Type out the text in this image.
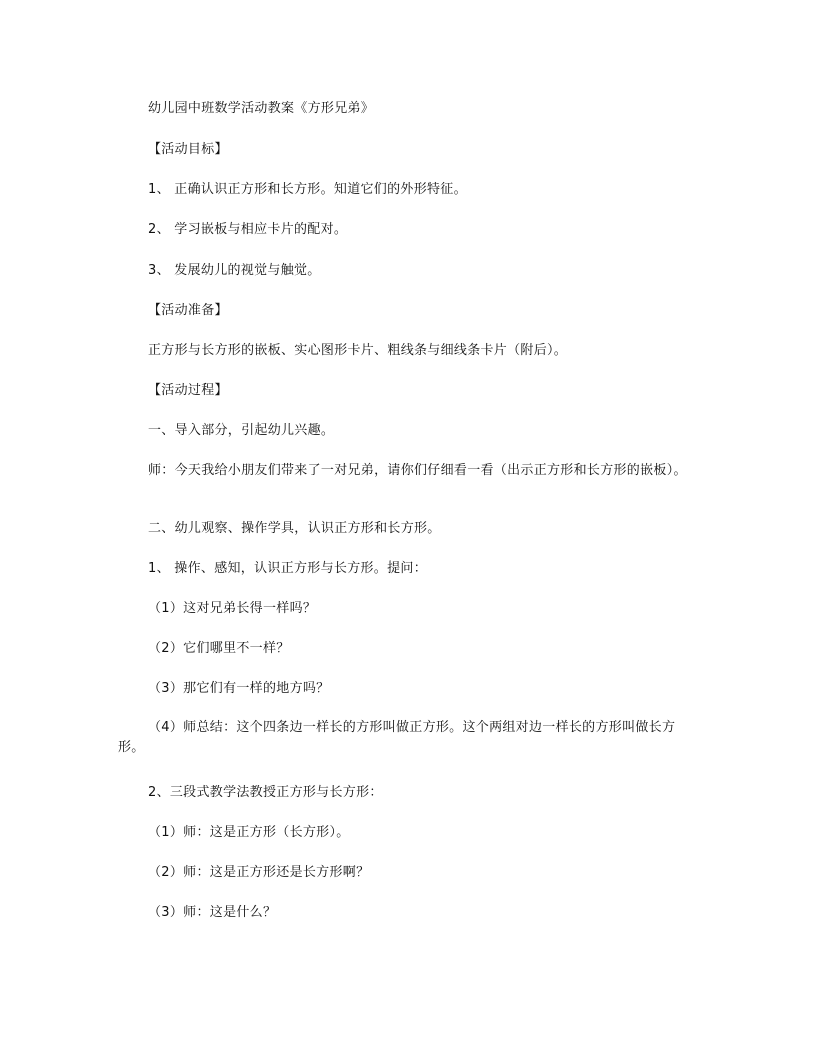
幼儿园中班数学活动教案《方形兄弟》
【活动目标】
1、 正确认识正方形和长方形。知道它们的外形特征。
2、 学习嵌板与相应卡片的配对。
3、 发展幼儿的视觉与触觉。
【活动准备】
正方形与长方形的嵌板、实心图形卡片、粗线条与细线条卡片（附后）。
【活动过程】
一、导入部分，引起幼儿兴趣。
师：今天我给小朋友们带来了一对兄弟，请你们仔细看一看（出示正方形和长方形的嵌板）。
二、幼儿观察、操作学具，认识正方形和长方形。
1、 操作、感知，认识正方形与长方形。提问：
（1）这对兄弟长得一样吗？
（2）它们哪里不一样？
（3）那它们有一样的地方吗？
（4）师总结：这个四条边一样长的方形叫做正方形。这个两组对边一样长的方形叫做长方形。
2、三段式教学法教授正方形与长方形：
（1）师：这是正方形（长方形）。
（2）师：这是正方形还是长方形啊？
（3）师：这是什么？
